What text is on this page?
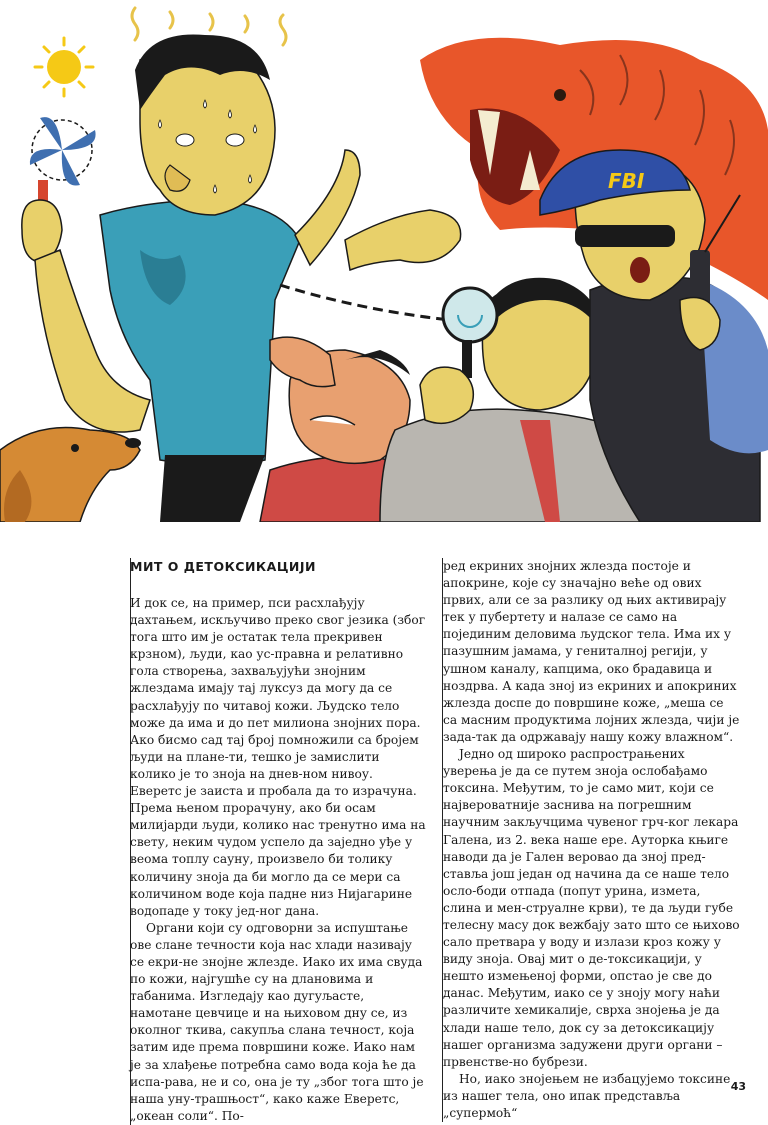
FBI
МИТ О ДЕТОКСИКАЦИЈИ

И док се, на пример, пси расхлађују дахтањем, искључиво преко свог језика (због тога што им је остатак тела прекривен крзном), људи, као ус-правна и релативно гола створења, захваљујући знојним жлездама имају тај луксуз да могу да се расхлађују по читавој кожи. Људско тело може да има и до пет милиона знојних пора. Ако бисмо сад тај број помножили са бројем људи на плане-ти, тешко је замислити колико је то зноја на днев-ном нивоу. Еверетс је заиста и пробала да то израчуна. Према њеном прорачуну, ако би осам милијарди људи, колико нас тренутно има на свету, неким чудом успело да заједно уђе у веома топлу сауну, произвело би толику количину зноја да би могло да се мери са количином воде која падне низ Нијагарине водопаде у току јед-ног дана.

Органи који су одговорни за испуштање ове слане течности која нас хлади називају се екри-не знојне жлезде. Иако их има свуда по кожи, најгушће су на длановима и табанима. Изгледају као дугуљасте, намотане цевчице и на њиховом дну се, из околног ткива, сакупља слана течност, која затим иде према површини коже. Иако нам је за хлађење потребна само вода која ће да испа-рава, не и со, она је ту „због тога што је наша уну-трашњост“, како каже Еверетс, „океан соли“. По-

ред екриних знојних жлезда постоје и апокрине, које су значајно веће од ових првих, али се за разлику од њих активирају тек у пубертету и налазе се само на појединим деловима људског тела. Има их у пазушним јамама, у гениталној регији, у ушном каналу, капцима, око брадавица и ноздрва. А када зној из екриних и апокриних жлезда доспе до површине коже, „меша се са масним продуктима лојних жлезда, чији је зада-так да одржавају нашу кожу влажном“.

Једно од широко распрострањених уверења је да се путем зноја ослобађамо токсина. Међутим, то је само мит, који се највероватније заснива на погрешним научним закључцима чувеног грч-ког лекара Галена, из 2. века наше ере. Ауторка књиге наводи да је Гален веровао да зној пред-ставља још један од начина да се наше тело осло-боди отпада (попут урина, измета, слина и мен-струалне крви), те да људи губе телесну масу док вежбају зато што се њихово сало претвара у воду и излази кроз кожу у виду зноја. Овај мит о де-токсикацији, у нешто измењеној форми, опстао је све до данас. Међутим, иако се у знoју могу наћи различите хемикалије, сврха знојења је да хлади наше тело, док су за детоксикацију нашег организма задужени други органи – првенстве-но бубрези.

Но, иако знојењем не избацујемо токсине из нашег тела, оно ипак представља „супермоћ“

43
